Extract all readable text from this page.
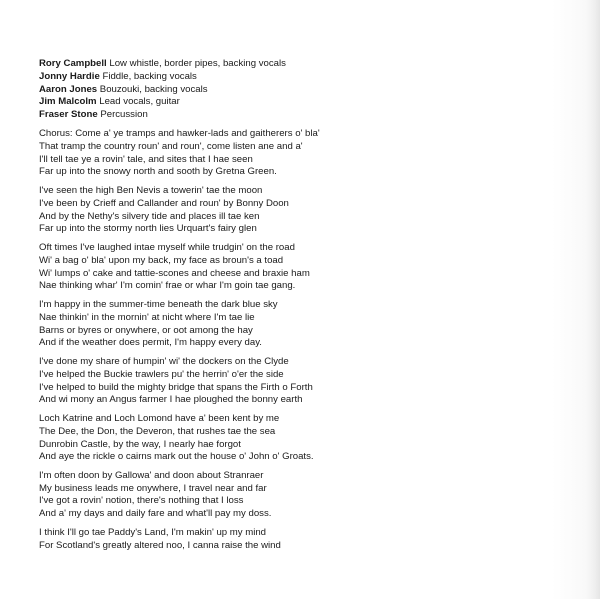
Rory Campbell Low whistle, border pipes, backing vocals
Jonny Hardie Fiddle, backing vocals
Aaron Jones Bouzouki, backing vocals
Jim Malcolm Lead vocals, guitar
Fraser Stone Percussion
Chorus: Come a' ye tramps and hawker-lads and gaitherers o' bla'
That tramp the country roun' and roun', come listen ane and a'
I'll tell tae ye a rovin' tale, and sites that I hae seen
Far up into the snowy north and sooth by Gretna Green.
I've seen the high Ben Nevis a towerin' tae the moon
I've been by Crieff and Callander and roun' by Bonny Doon
And by the Nethy's silvery tide and places ill tae ken
Far up into the stormy north lies Urquart's fairy glen
Oft times I've laughed intae myself while trudgin' on the road
Wi' a bag o' bla' upon my back, my face as broun's a toad
Wi' lumps o' cake and tattie-scones and cheese and braxie ham
Nae thinking whar' I'm comin' frae or whar I'm goin tae gang.
I'm happy in the summer-time beneath the dark blue sky
Nae thinkin' in the mornin' at nicht where I'm tae lie
Barns or byres or onywhere, or oot among the hay
And if the weather does permit, I'm happy every day.
I've done my share of humpin' wi' the dockers on the Clyde
I've helped the Buckie trawlers pu' the herrin' o'er the side
I've helped to build the mighty bridge that spans the Firth o Forth
And wi mony an Angus farmer I hae ploughed the bonny earth
Loch Katrine and Loch Lomond have a' been kent by me
The Dee, the Don, the Deveron, that rushes tae the sea
Dunrobin Castle, by the way, I nearly hae forgot
And aye the rickle o cairns mark out the house o' John o' Groats.
I'm often doon by Gallowa' and doon about Stranraer
My business leads me onywhere, I travel near and far
I've got a rovin' notion, there's nothing that I loss
And a' my days and daily fare and what'll pay my doss.
I think I'll go tae Paddy's Land, I'm makin' up my mind
For Scotland's greatly altered noo, I canna raise the wind
